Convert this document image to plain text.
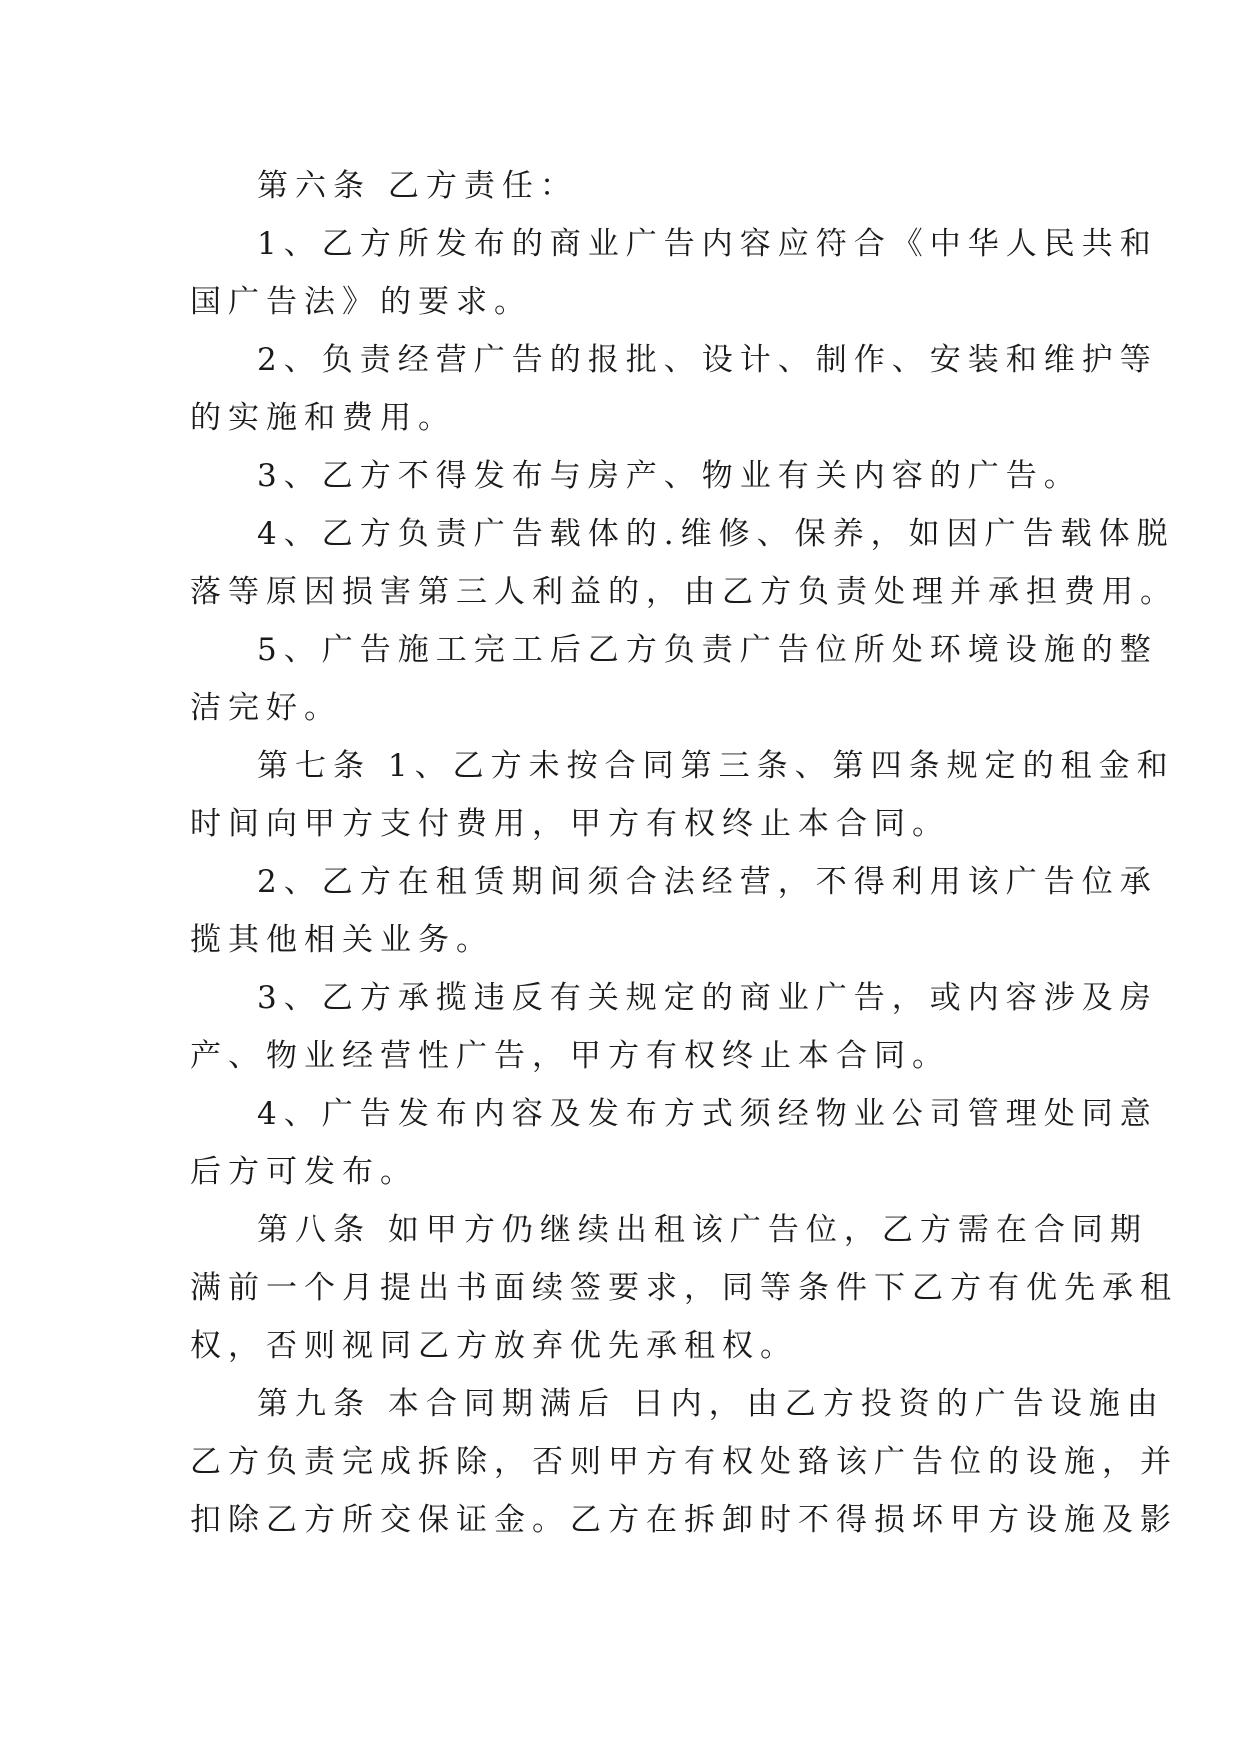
第六条 乙方责任：
1、乙方所发布的商业广告内容应符合《中华人民共和
国广告法》的要求。
2、负责经营广告的报批、设计、制作、安装和维护等
的实施和费用。
3、乙方不得发布与房产、物业有关内容的广告。
4、乙方负责广告载体的.维修、保养，如因广告载体脱
落等原因损害第三人利益的，由乙方负责处理并承担费用。
5、广告施工完工后乙方负责广告位所处环境设施的整
洁完好。
第七条 1、乙方未按合同第三条、第四条规定的租金和
时间向甲方支付费用，甲方有权终止本合同。
2、乙方在租赁期间须合法经营，不得利用该广告位承
揽其他相关业务。
3、乙方承揽违反有关规定的商业广告，或内容涉及房
产、物业经营性广告，甲方有权终止本合同。
4、广告发布内容及发布方式须经物业公司管理处同意
后方可发布。
第八条 如甲方仍继续出租该广告位，乙方需在合同期
满前一个月提出书面续签要求，同等条件下乙方有优先承租
权，否则视同乙方放弃优先承租权。
第九条 本合同期满后 日内，由乙方投资的广告设施由
乙方负责完成拆除，否则甲方有权处臵该广告位的设施，并
扣除乙方所交保证金。乙方在拆卸时不得损坏甲方设施及影
